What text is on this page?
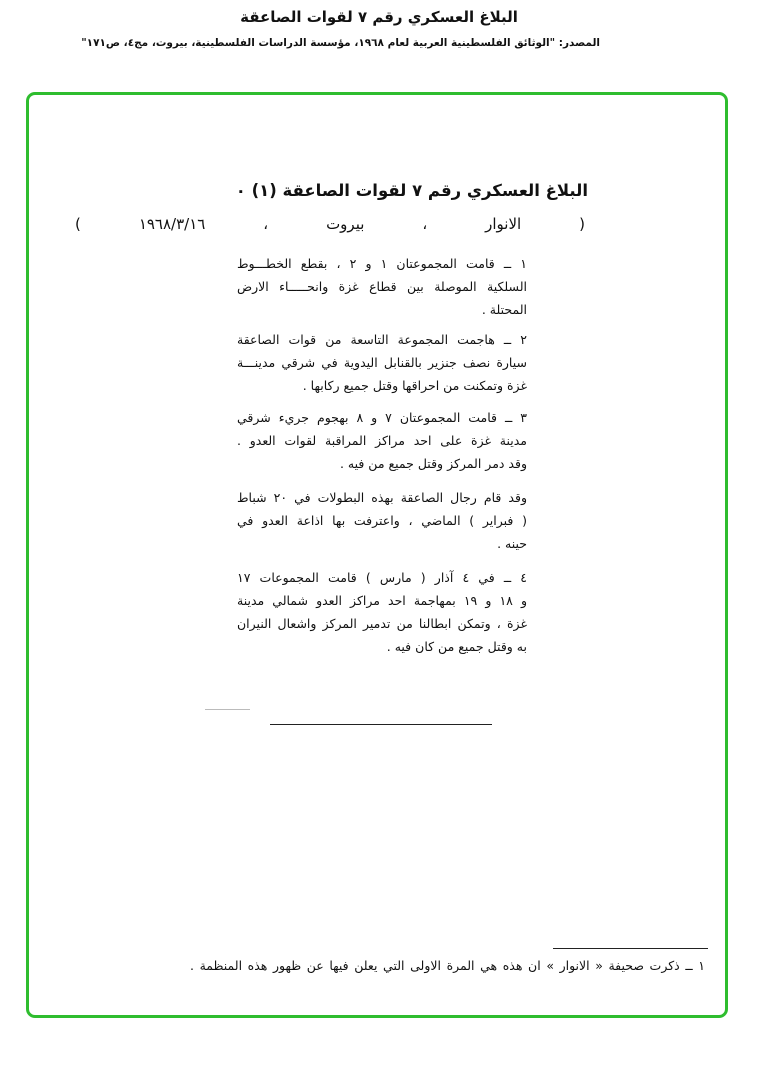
البلاغ العسكري رقم ٧ لقوات الصاعقة
المصدر: "الوثائق الفلسطينية العربية لعام ١٩٦٨، مؤسسة الدراسات الفلسطينية، بيروت، مج٤، ص١٧١"
البلاغ العسكري رقم ٧ لقوات الصاعقة (١) ٠
( الانوار ، بيروت ، ١٩٦٨/٣/١٦ )
١ ــ قامت المجموعتان ١ و ٢ ، بقطع الخطـــوط
السلكية الموصلة بين قطاع غزة وانحـــــاء الارض
المحتلة .
٢ ــ هاجمت المجموعة التاسعة من قوات الصاعقة
سيارة نصف جنزير بالقنابل اليدوية في شرقي مدينـــة
غزة وتمكنت من احراقها وقتل جميع ركابها .
٣ ــ قامت المجموعتان ٧ و ٨ بهجوم جريء شرقي
مدينة غزة على احد مراكز المراقبة لقوات العدو .
وقد دمر المركز وقتل جميع من فيه .
وقد قام رجال الصاعقة بهذه البطولات في ٢٠ شباط
( فبراير ) الماضي ، واعترفت بها اذاعة العدو في
حينه .
٤ ــ في ٤ آذار ( مارس ) قامت المجموعات ١٧
و ١٨ و ١٩ بمهاجمة احد مراكز العدو شمالي مدينة
غزة ، وتمكن ابطالنا من تدمير المركز واشعال النيران
به وقتل جميع من كان فيه .
١ ــ ذكرت صحيفة « الانوار » ان هذه هي المرة الاولى التي يعلن فيها عن ظهور هذه المنظمة .
